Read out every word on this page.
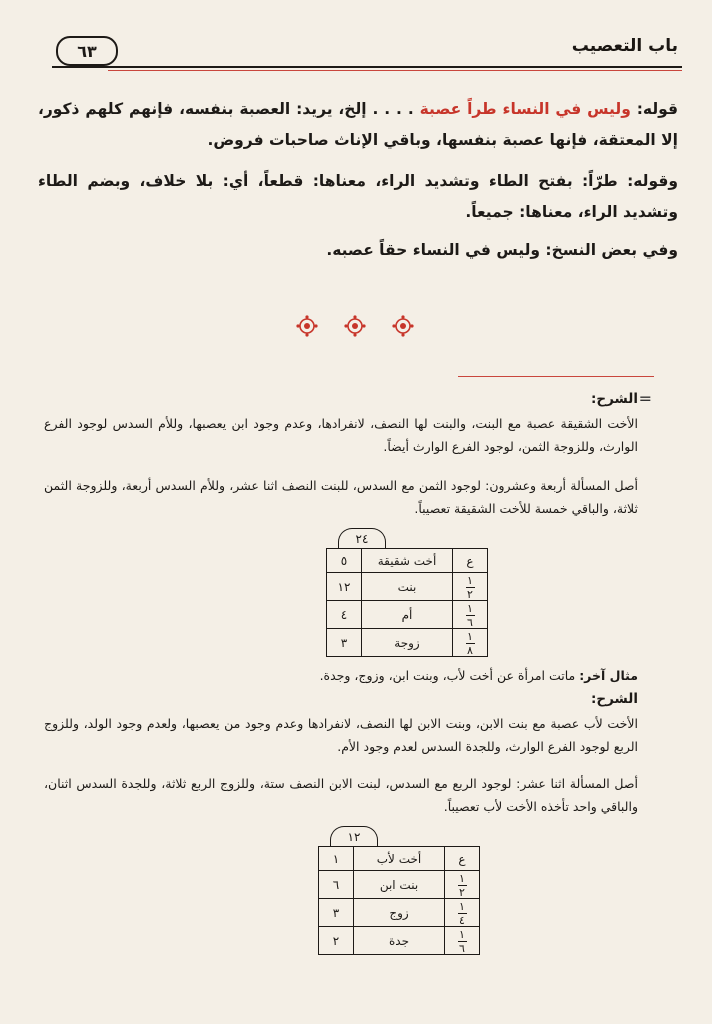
باب التعصيب
٦٣
قوله: وليس في النساء طراً عصبة . . . . إلخ، يريد: العصبة بنفسه، فإنهم كلهم ذكور، إلا المعتقة، فإنها عصبة بنفسها، وباقي الإناث صاحبات فروض.
وقوله: طرّاً: بفتح الطاء وتشديد الراء، معناها: قطعاً، أي: بلا خلاف، وبضم الطاء وتشديد الراء، معناها: جميعاً.
وفي بعض النسخ: وليس في النساء حقاً عصبه.
=
الشرح:
الأخت الشقيقة عصبة مع البنت، والبنت لها النصف، لانفرادها، وعدم وجود ابن يعصبها، وللأم السدس لوجود الفرع الوارث، وللزوجة الثمن، لوجود الفرع الوارث أيضاً.
أصل المسألة أربعة وعشرون: لوجود الثمن مع السدس، للبنت النصف اثنا عشر، وللأم السدس أربعة، وللزوجة الثمن ثلاثة، والباقي خمسة للأخت الشقيقة تعصيباً.
٢٤
ع	أخت شقيقة	٥

$\frac{١}{٢}$	بنت	١٢

$\frac{١}{٦}$	أم	٤

$\frac{١}{٨}$	زوجة	٣
مثال آخر: ماتت امرأة عن أخت لأب، وبنت ابن، وزوج، وجدة.
الشرح:
الأخت لأب عصبة مع بنت الابن، وبنت الابن لها النصف، لانفرادها وعدم وجود من يعصبها، ولعدم وجود الولد، وللزوج الربع لوجود الفرع الوارث، وللجدة السدس لعدم وجود الأم.
أصل المسألة اثنا عشر: لوجود الربع مع السدس، لبنت الابن النصف ستة، وللزوج الربع ثلاثة، وللجدة السدس اثنان، والباقي واحد تأخذه الأخت لأب تعصيباً.
١٢
ع	أخت لأب	١

$\frac{١}{٢}$	بنت ابن	٦

$\frac{١}{٤}$	زوج	٣

$\frac{١}{٦}$	جدة	٢
